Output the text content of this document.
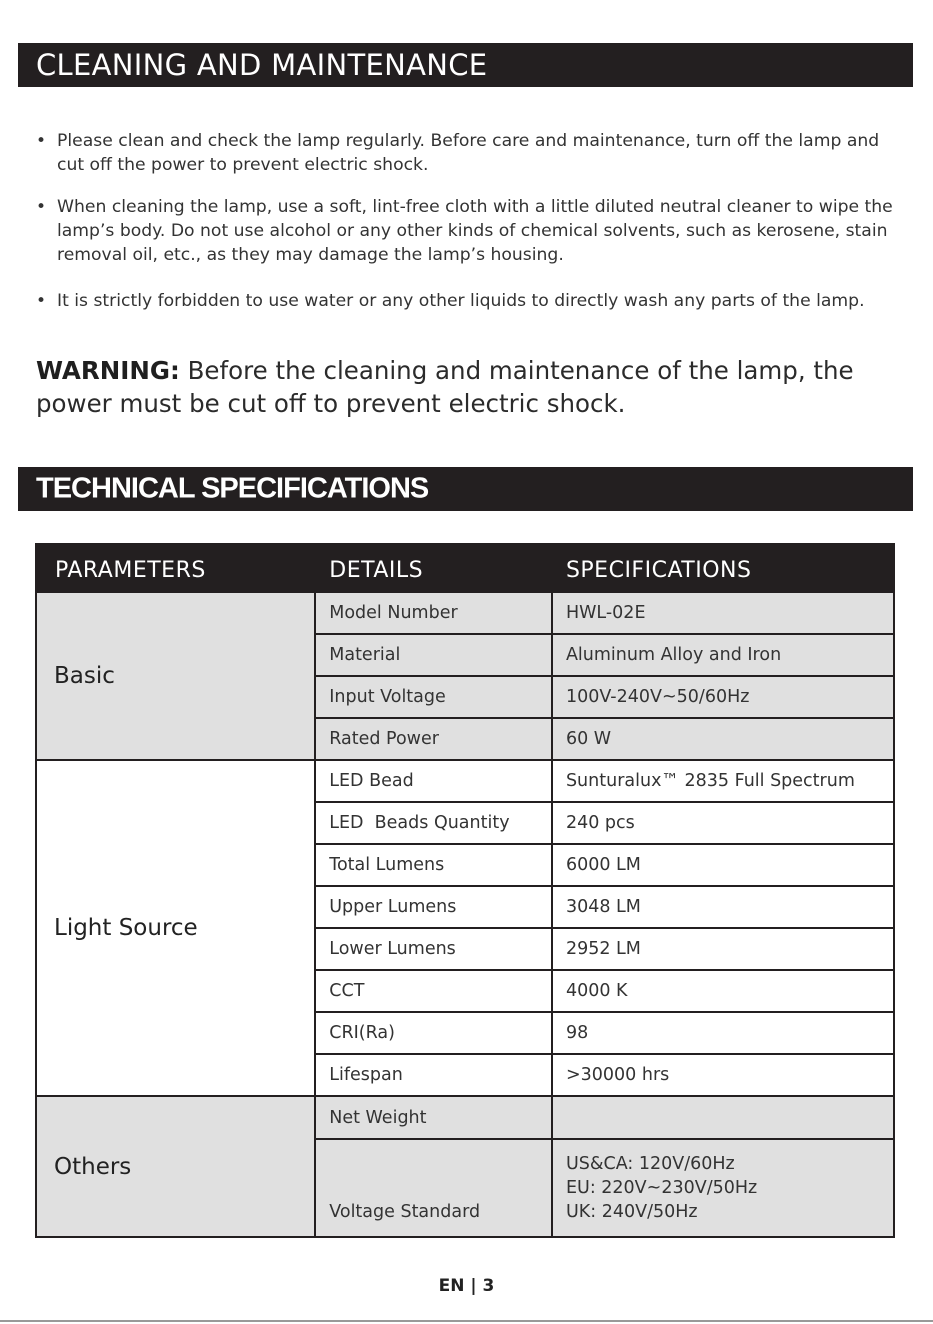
CLEANING AND MAINTENANCE
• Please clean and check the lamp regularly. Before care and maintenance, turn off the lamp and cut off the power to prevent electric shock.
• When cleaning the lamp, use a soft, lint-free cloth with a little diluted neutral cleaner to wipe the lamp’s body. Do not use alcohol or any other kinds of chemical solvents, such as kerosene, stain removal oil, etc., as they may damage the lamp’s housing.
• It is strictly forbidden to use water or any other liquids to directly wash any parts of the lamp.

WARNING: Before the cleaning and maintenance of the lamp, the power must be cut off to prevent electric shock.

TECHNICAL SPECIFICATIONS
PARAMETERS	DETAILS	SPECIFICATIONS
Basic	Model Number	HWL-02E
	Material	Aluminum Alloy and Iron
	Input Voltage	100V-240V~50/60Hz
	Rated Power	60 W
Light Source	LED Bead	Sunturalux™ 2835 Full Spectrum
	LED  Beads Quantity	240 pcs
	Total Lumens	6000 LM
	Upper Lumens	3048 LM
	Lower Lumens	2952 LM
	CCT	4000 K
	CRI(Ra)	98
	Lifespan	>30000 hrs
Others	Net Weight	
	Voltage Standard	US&CA: 120V/60Hz
EU: 220V~230V/50Hz
UK: 240V/50Hz
EN | 3
